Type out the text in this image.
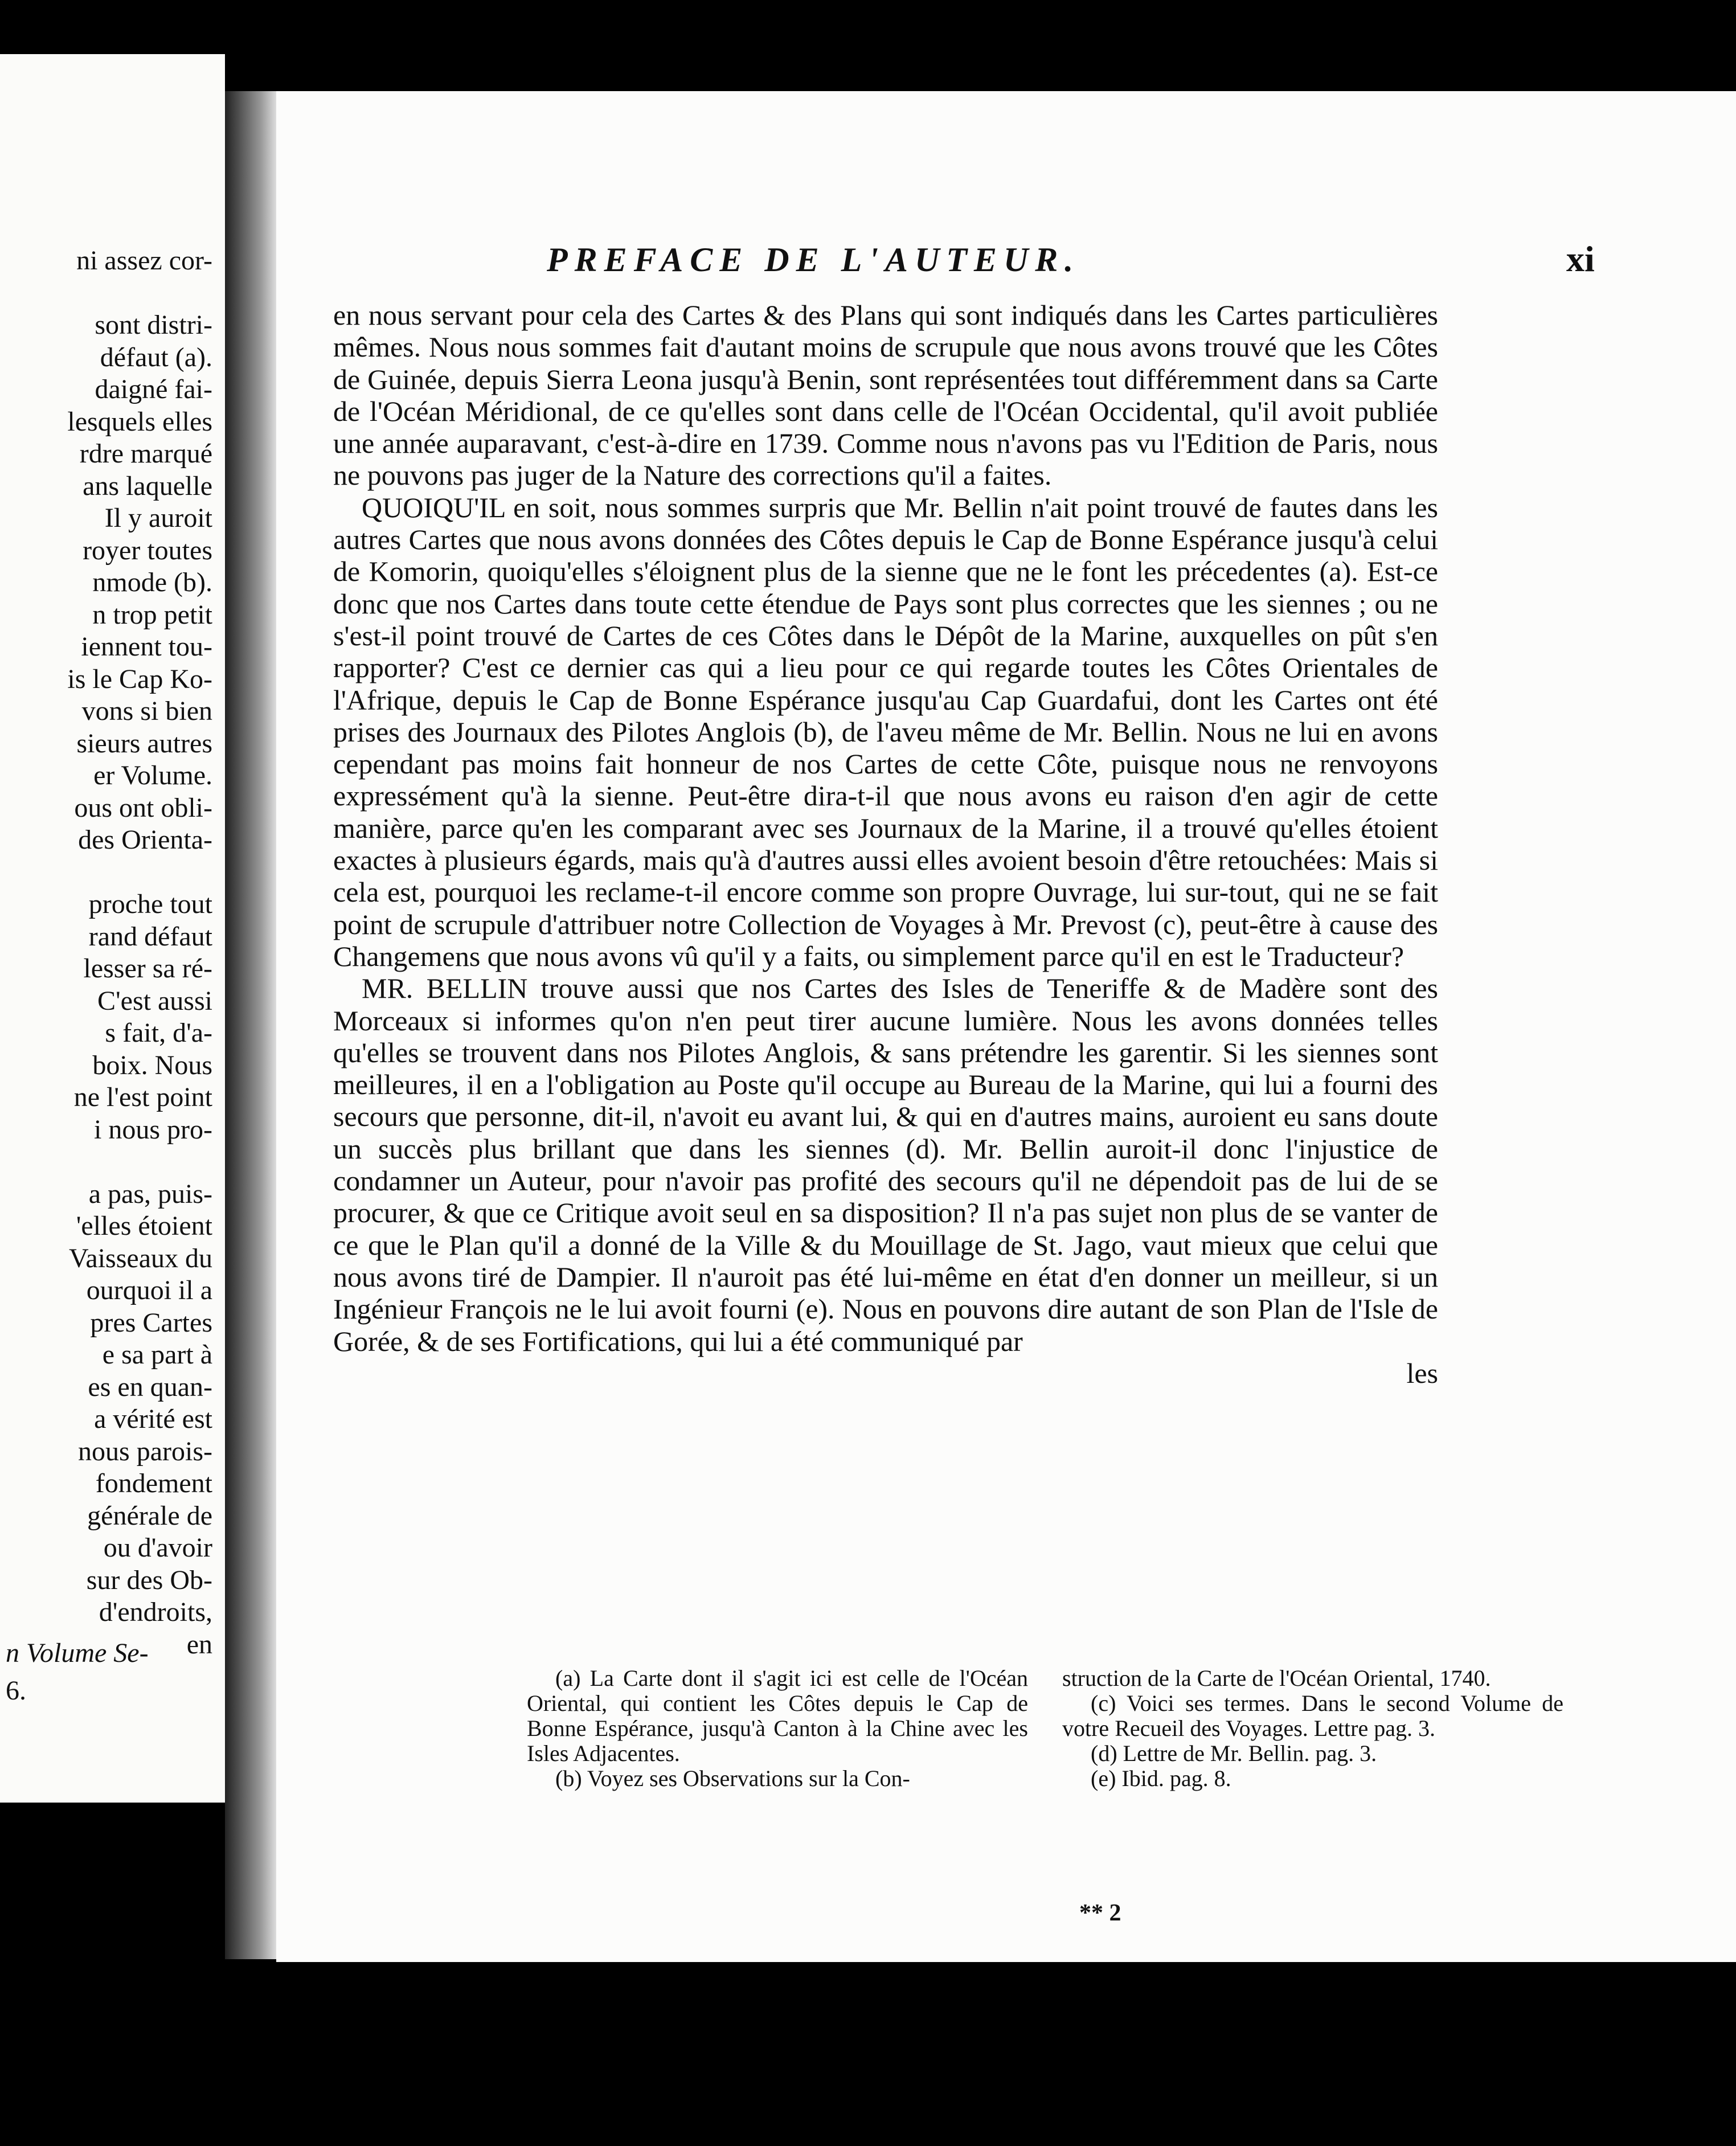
ni assez cor-

sont distri-
défaut (a).
daigné fai-
lesquels elles
rdre marqué
ans laquelle
Il y auroit
royer toutes
nmode (b).
n trop petit
iennent tou-
is le Cap Ko-
vons si bien
sieurs autres
er Volume.
ous ont obli-
des Orienta-

proche tout
rand défaut
lesser sa ré-
C'est aussi
s fait, d'a-
boix. Nous
ne l'est point
i nous pro-

a pas, puis-
'elles étoient
Vaisseaux du
ourquoi il a
pres Cartes
e sa part à
es en quan-
a vérité est
nous parois-
fondement
générale de
ou d'avoir
sur des Ob-
d'endroits,
en
n Volume Se-
6.
PREFACE DE L'AUTEUR.	xi

en nous servant pour cela des Cartes & des Plans qui sont indiqués dans les Cartes particulières mêmes. Nous nous sommes fait d'autant moins de scrupule que nous avons trouvé que les Côtes de Guinée, depuis Sierra Leona jusqu'à Benin, sont représentées tout différemment dans sa Carte de l'Océan Méridional, de ce qu'elles sont dans celle de l'Océan Occidental, qu'il avoit publiée une année auparavant, c'est-à-dire en 1739. Comme nous n'avons pas vu l'Edition de Paris, nous ne pouvons pas juger de la Nature des corrections qu'il a faites.

QUOIQU'IL en soit, nous sommes surpris que Mr. Bellin n'ait point trouvé de fautes dans les autres Cartes que nous avons données des Côtes depuis le Cap de Bonne Espérance jusqu'à celui de Komorin, quoiqu'elles s'éloignent plus de la sienne que ne le font les précedentes (a). Est-ce donc que nos Cartes dans toute cette étendue de Pays sont plus correctes que les siennes ; ou ne s'est-il point trouvé de Cartes de ces Côtes dans le Dépôt de la Marine, auxquelles on pût s'en rapporter? C'est ce dernier cas qui a lieu pour ce qui regarde toutes les Côtes Orientales de l'Afrique, depuis le Cap de Bonne Espérance jusqu'au Cap Guardafui, dont les Cartes ont été prises des Journaux des Pilotes Anglois (b), de l'aveu même de Mr. Bellin. Nous ne lui en avons cependant pas moins fait honneur de nos Cartes de cette Côte, puisque nous ne renvoyons expressément qu'à la sienne. Peut-être dira-t-il que nous avons eu raison d'en agir de cette manière, parce qu'en les comparant avec ses Journaux de la Marine, il a trouvé qu'elles étoient exactes à plusieurs égards, mais qu'à d'autres aussi elles avoient besoin d'être retouchées: Mais si cela est, pourquoi les reclame-t-il encore comme son propre Ouvrage, lui sur-tout, qui ne se fait point de scrupule d'attribuer notre Collection de Voyages à Mr. Prevost (c), peut-être à cause des Changemens que nous avons vû qu'il y a faits, ou simplement parce qu'il en est le Traducteur?

MR. BELLIN trouve aussi que nos Cartes des Isles de Teneriffe & de Madère sont des Morceaux si informes qu'on n'en peut tirer aucune lumière. Nous les avons données telles qu'elles se trouvent dans nos Pilotes Anglois, & sans prétendre les garentir. Si les siennes sont meilleures, il en a l'obligation au Poste qu'il occupe au Bureau de la Marine, qui lui a fourni des secours que personne, dit-il, n'avoit eu avant lui, & qui en d'autres mains, auroient eu sans doute un succès plus brillant que dans les siennes (d). Mr. Bellin auroit-il donc l'injustice de condamner un Auteur, pour n'avoir pas profité des secours qu'il ne dépendoit pas de lui de se procurer, & que ce Critique avoit seul en sa disposition? Il n'a pas sujet non plus de se vanter de ce que le Plan qu'il a donné de la Ville & du Mouillage de St. Jago, vaut mieux que celui que nous avons tiré de Dampier. Il n'auroit pas été lui-même en état d'en donner un meilleur, si un Ingénieur François ne le lui avoit fourni (e). Nous en pouvons dire autant de son Plan de l'Isle de Gorée, & de ses Fortifications, qui lui a été communiqué par

les

(a) La Carte dont il s'agit ici est celle de l'Océan Oriental, qui contient les Côtes depuis le Cap de Bonne Espérance, jusqu'à Canton à la Chine avec les Isles Adjacentes.

(b) Voyez ses Observations sur la Con-

struction de la Carte de l'Océan Oriental, 1740.

(c) Voici ses termes. Dans le second Volume de votre Recueil des Voyages. Lettre pag. 3.

(d) Lettre de Mr. Bellin. pag. 3.

(e) Ibid. pag. 8.

** 2
